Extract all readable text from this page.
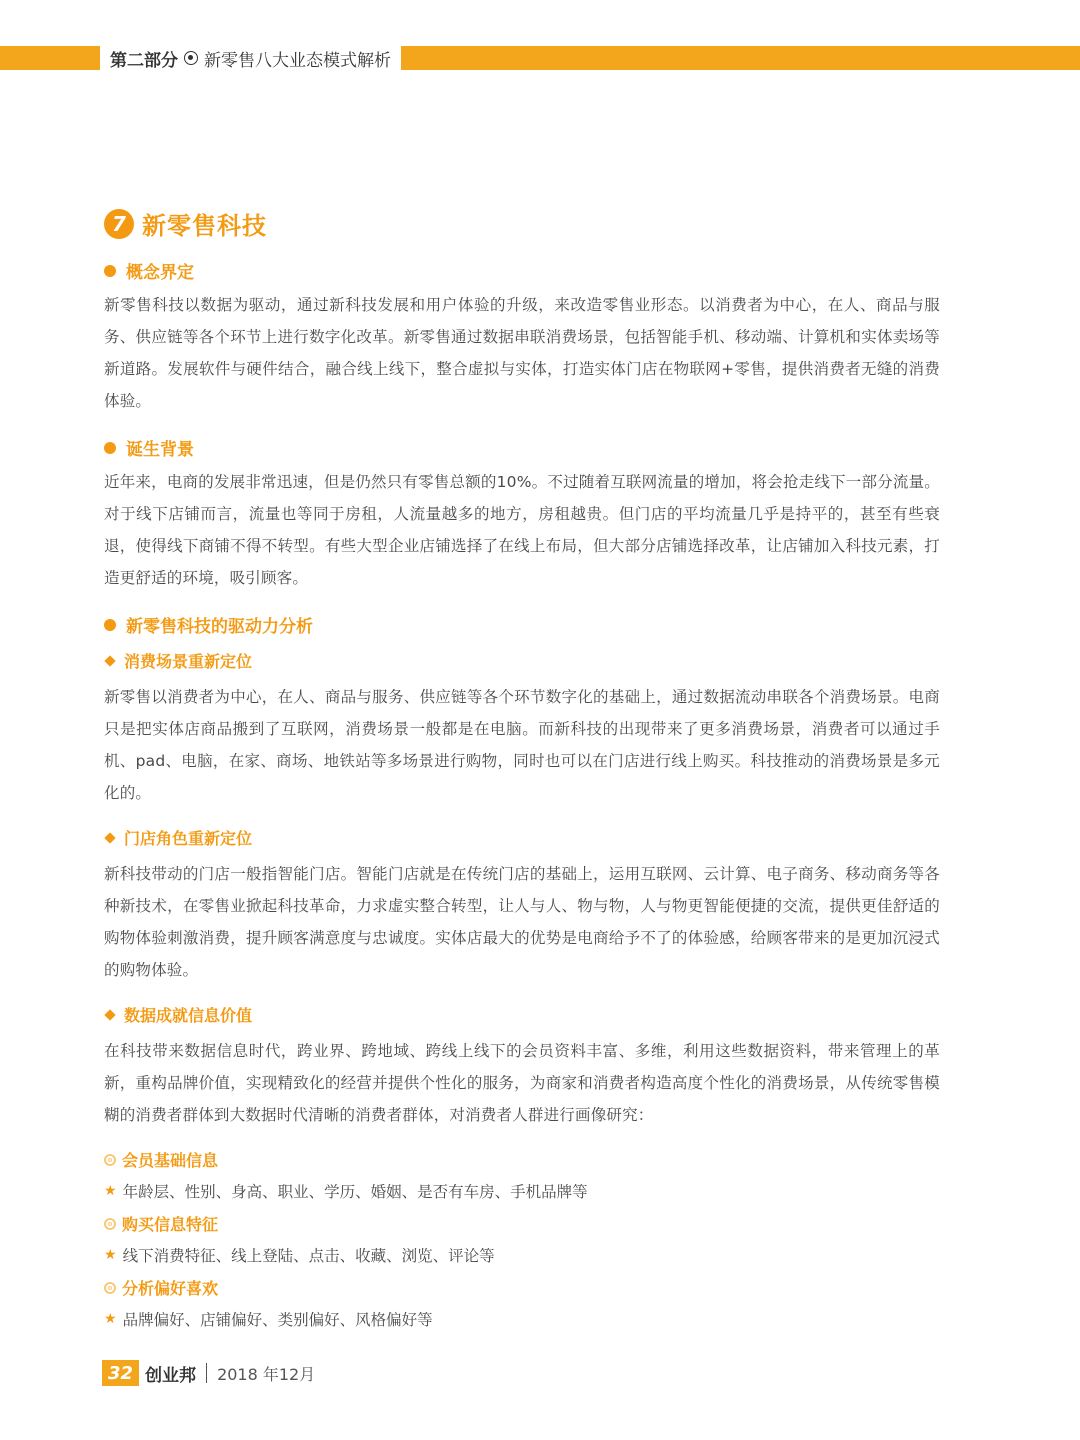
第二部分 新零售八大业态模式解析
7 新零售科技
概念界定

新零售科技以数据为驱动，通过新科技发展和用户体验的升级，来改造零售业形态。以消费者为中心，在人、商品与服务、供应链等各个环节上进行数字化改革。新零售通过数据串联消费场景，包括智能手机、移动端、计算机和实体卖场等新道路。发展软件与硬件结合，融合线上线下，整合虚拟与实体，打造实体门店在物联网+零售，提供消费者无缝的消费体验。

诞生背景

近年来，电商的发展非常迅速，但是仍然只有零售总额的10%。不过随着互联网流量的增加，将会抢走线下一部分流量。对于线下店铺而言，流量也等同于房租，人流量越多的地方，房租越贵。但门店的平均流量几乎是持平的，甚至有些衰退，使得线下商铺不得不转型。有些大型企业店铺选择了在线上布局，但大部分店铺选择改革，让店铺加入科技元素，打造更舒适的环境，吸引顾客。

新零售科技的驱动力分析
消费场景重新定位

新零售以消费者为中心，在人、商品与服务、供应链等各个环节数字化的基础上，通过数据流动串联各个消费场景。电商只是把实体店商品搬到了互联网，消费场景一般都是在电脑。而新科技的出现带来了更多消费场景，消费者可以通过手机、pad、电脑，在家、商场、地铁站等多场景进行购物，同时也可以在门店进行线上购买。科技推动的消费场景是多元化的。

门店角色重新定位

新科技带动的门店一般指智能门店。智能门店就是在传统门店的基础上，运用互联网、云计算、电子商务、移动商务等各种新技术，在零售业掀起科技革命，力求虚实整合转型，让人与人、物与物，人与物更智能便捷的交流，提供更佳舒适的购物体验刺激消费，提升顾客满意度与忠诚度。实体店最大的优势是电商给予不了的体验感，给顾客带来的是更加沉浸式的购物体验。

数据成就信息价值

在科技带来数据信息时代，跨业界、跨地域、跨线上线下的会员资料丰富、多维，利用这些数据资料，带来管理上的革新，重构品牌价值，实现精致化的经营并提供个性化的服务，为商家和消费者构造高度个性化的消费场景，从传统零售模糊的消费者群体到大数据时代清晰的消费者群体，对消费者人群进行画像研究：

会员基础信息
★ 年龄层、性别、身高、职业、学历、婚姻、是否有车房、手机品牌等
购买信息特征
★ 线下消费特征、线上登陆、点击、收藏、浏览、评论等
分析偏好喜欢
★ 品牌偏好、店铺偏好、类别偏好、风格偏好等
32 创业邦 2018 年12月
